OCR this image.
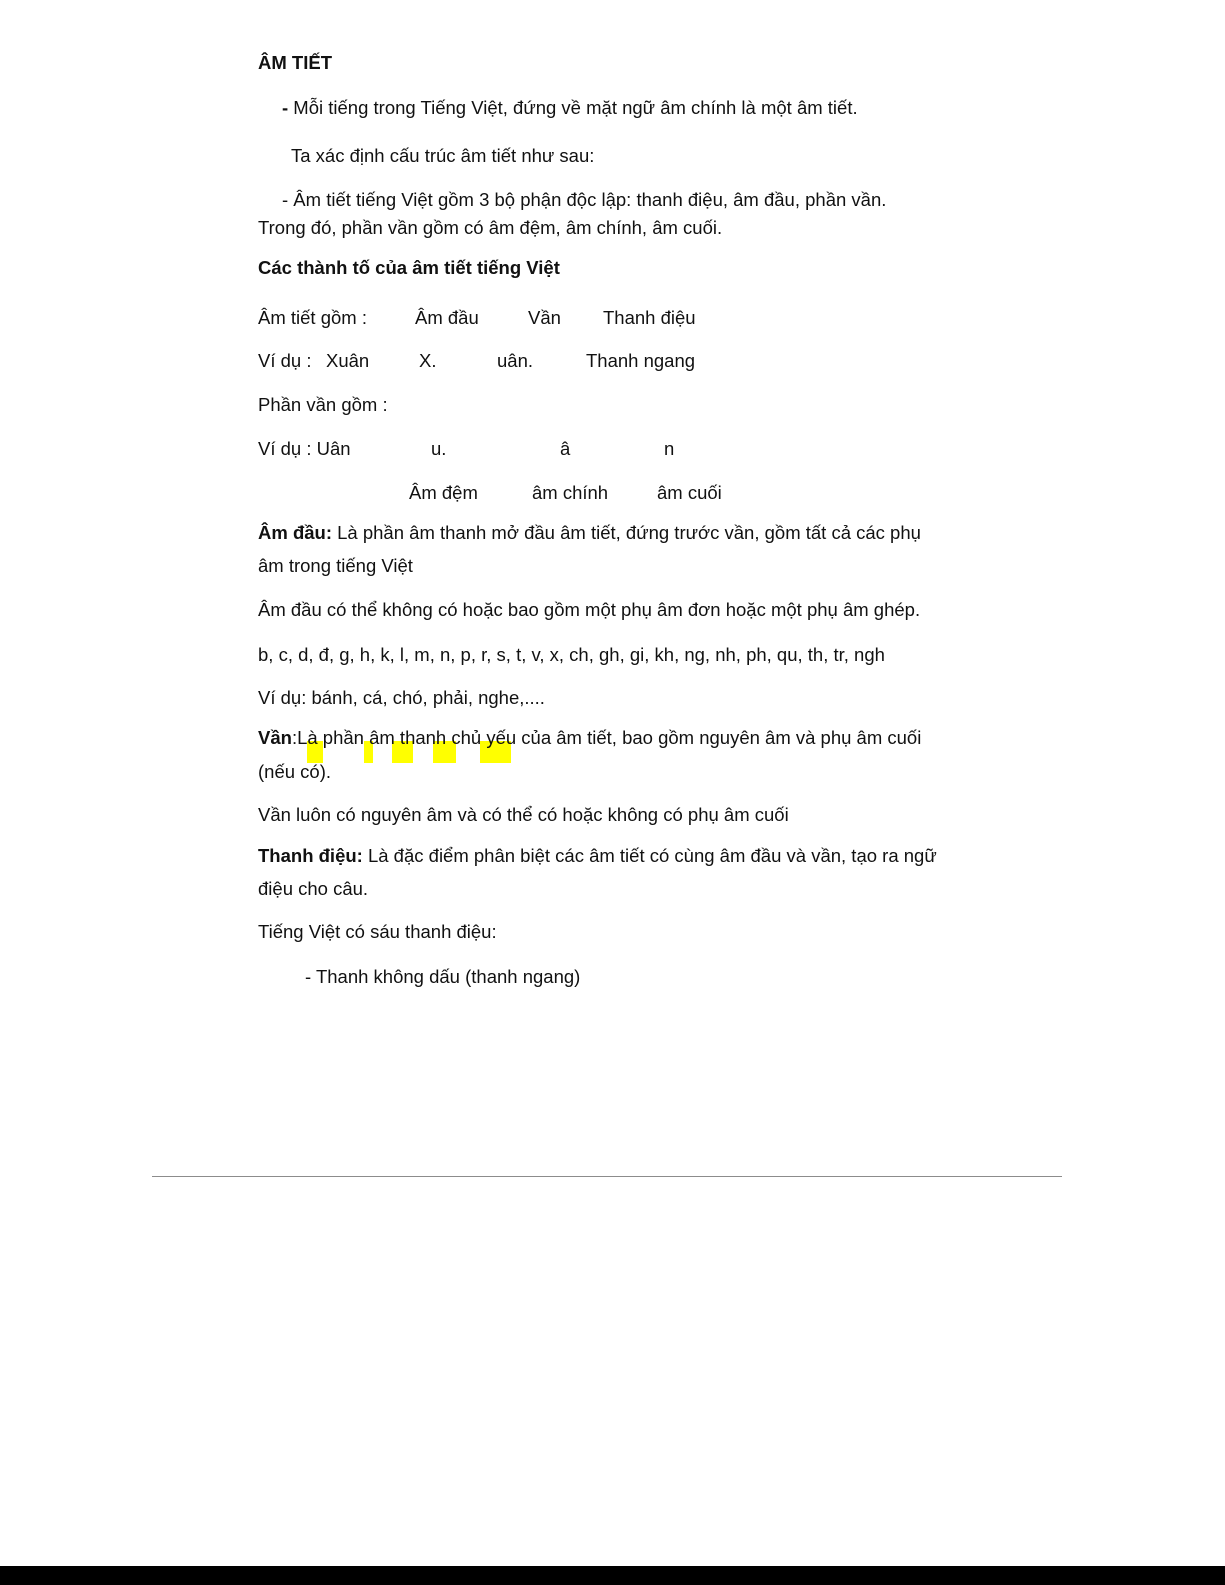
ÂM TIẾT
- Mỗi tiếng trong Tiếng Việt, đứng về mặt ngữ âm chính là một âm tiết.
Ta xác định cấu trúc âm tiết như sau:
- Âm tiết tiếng Việt gồm 3 bộ phận độc lập: thanh điệu, âm đầu, phần vần.
Trong đó, phần vần gồm có âm đệm, âm chính, âm cuối.
Các thành tố của âm tiết tiếng Việt
Âm tiết gồm :	Âm đầu	Vần Thanh điệu
Ví dụ : Xuân	X.	uân.	Thanh ngang
Phần vần gồm :
Ví dụ : Uân	u.	â	n
Âm đệm	âm chính	âm cuối
Âm đầu: Là phần âm thanh mở đầu âm tiết, đứng trước vần, gồm tất cả các phụ
âm trong tiếng Việt
Âm đầu có thể không có hoặc bao gồm một phụ âm đơn hoặc một phụ âm ghép.
b, c, d, đ, g, h, k, l, m, n, p, r, s, t, v, x, ch, gh, gi, kh, ng, nh, ph, qu, th, tr, ngh
Ví dụ: bánh, cá, chó, phải, nghe,....
Vần:Là phần âm thanh chủ yếu của âm tiết, bao gồm nguyên âm và phụ âm cuối
(nếu có).
Vần luôn có nguyên âm và có thể có hoặc không có phụ âm cuối
Thanh điệu: Là đặc điểm phân biệt các âm tiết có cùng âm đầu và vần, tạo ra ngữ
điệu cho câu.
Tiếng Việt có sáu thanh điệu:
- Thanh không dấu (thanh ngang)
